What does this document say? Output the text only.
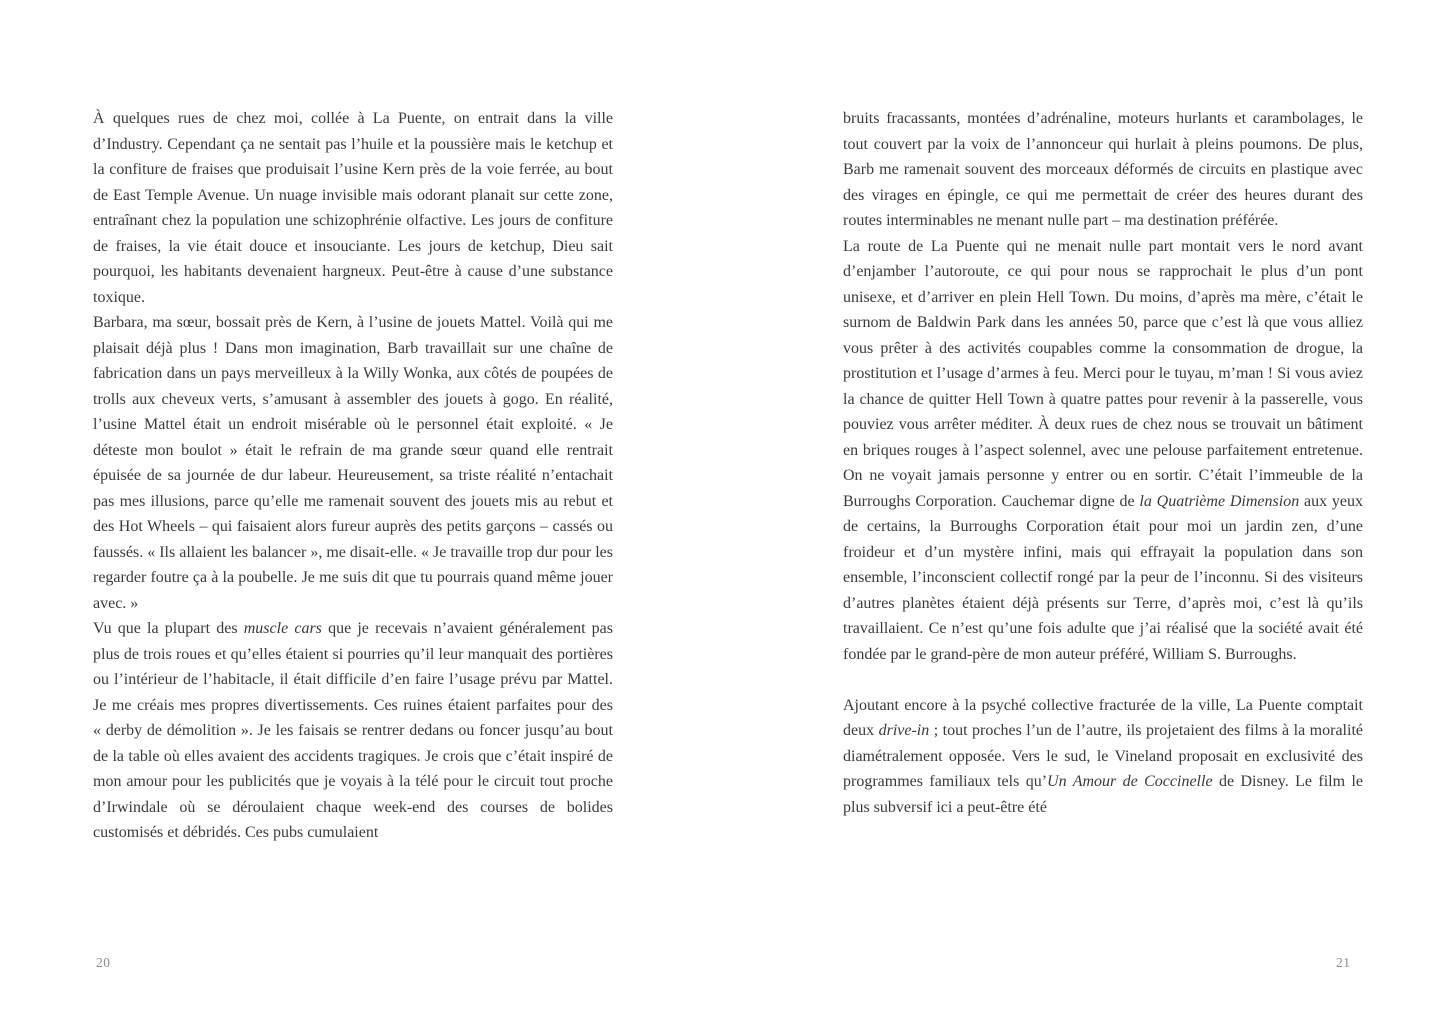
À quelques rues de chez moi, collée à La Puente, on entrait dans la ville d’Industry. Cependant ça ne sentait pas l’huile et la poussière mais le ketchup et la confiture de fraises que produisait l’usine Kern près de la voie ferrée, au bout de East Temple Avenue. Un nuage invisible mais odorant planait sur cette zone, entraînant chez la population une schizophrénie olfactive. Les jours de confiture de fraises, la vie était douce et insouciante. Les jours de ketchup, Dieu sait pourquoi, les habitants devenaient hargneux. Peut-être à cause d’une substance toxique.

Barbara, ma sœur, bossait près de Kern, à l’usine de jouets Mattel. Voilà qui me plaisait déjà plus ! Dans mon imagination, Barb travaillait sur une chaîne de fabrication dans un pays merveilleux à la Willy Wonka, aux côtés de poupées de trolls aux cheveux verts, s’amusant à assembler des jouets à gogo. En réalité, l’usine Mattel était un endroit misérable où le personnel était exploité. « Je déteste mon boulot » était le refrain de ma grande sœur quand elle rentrait épuisée de sa journée de dur labeur. Heureusement, sa triste réalité n’entachait pas mes illusions, parce qu’elle me ramenait souvent des jouets mis au rebut et des Hot Wheels – qui faisaient alors fureur auprès des petits garçons – cassés ou faussés. « Ils allaient les balancer », me disait-elle. « Je travaille trop dur pour les regarder foutre ça à la poubelle. Je me suis dit que tu pourrais quand même jouer avec. »

Vu que la plupart des muscle cars que je recevais n’avaient généralement pas plus de trois roues et qu’elles étaient si pourries qu’il leur manquait des portières ou l’intérieur de l’habitacle, il était difficile d’en faire l’usage prévu par Mattel. Je me créais mes propres divertissements. Ces ruines étaient parfaites pour des « derby de démolition ». Je les faisais se rentrer dedans ou foncer jusqu’au bout de la table où elles avaient des accidents tragiques. Je crois que c’était inspiré de mon amour pour les publicités que je voyais à la télé pour le circuit tout proche d’Irwindale où se déroulaient chaque week-end des courses de bolides customisés et débridés. Ces pubs cumulaient

20

bruits fracassants, montées d’adrénaline, moteurs hurlants et carambolages, le tout couvert par la voix de l’annonceur qui hurlait à pleins poumons. De plus, Barb me ramenait souvent des morceaux déformés de circuits en plastique avec des virages en épingle, ce qui me permettait de créer des heures durant des routes interminables ne menant nulle part – ma destination préférée.

La route de La Puente qui ne menait nulle part montait vers le nord avant d’enjamber l’autoroute, ce qui pour nous se rapprochait le plus d’un pont unisexe, et d’arriver en plein Hell Town. Du moins, d’après ma mère, c’était le surnom de Baldwin Park dans les années 50, parce que c’est là que vous alliez vous prêter à des activités coupables comme la consommation de drogue, la prostitution et l’usage d’armes à feu. Merci pour le tuyau, m’man ! Si vous aviez la chance de quitter Hell Town à quatre pattes pour revenir à la passerelle, vous pouviez vous arrêter méditer. À deux rues de chez nous se trouvait un bâtiment en briques rouges à l’aspect solennel, avec une pelouse parfaitement entretenue. On ne voyait jamais personne y entrer ou en sortir. C’était l’immeuble de la Burroughs Corporation. Cauchemar digne de la Quatrième Dimension aux yeux de certains, la Burroughs Corporation était pour moi un jardin zen, d’une froideur et d’un mystère infini, mais qui effrayait la population dans son ensemble, l’inconscient collectif rongé par la peur de l’inconnu. Si des visiteurs d’autres planètes étaient déjà présents sur Terre, d’après moi, c’est là qu’ils travaillaient. Ce n’est qu’une fois adulte que j’ai réalisé que la société avait été fondée par le grand-père de mon auteur préféré, William S. Burroughs.

Ajoutant encore à la psyché collective fracturée de la ville, La Puente comptait deux drive-in ; tout proches l’un de l’autre, ils projetaient des films à la moralité diamétralement opposée. Vers le sud, le Vineland proposait en exclusivité des programmes familiaux tels qu’Un Amour de Coccinelle de Disney. Le film le plus subversif ici a peut-être été

21
